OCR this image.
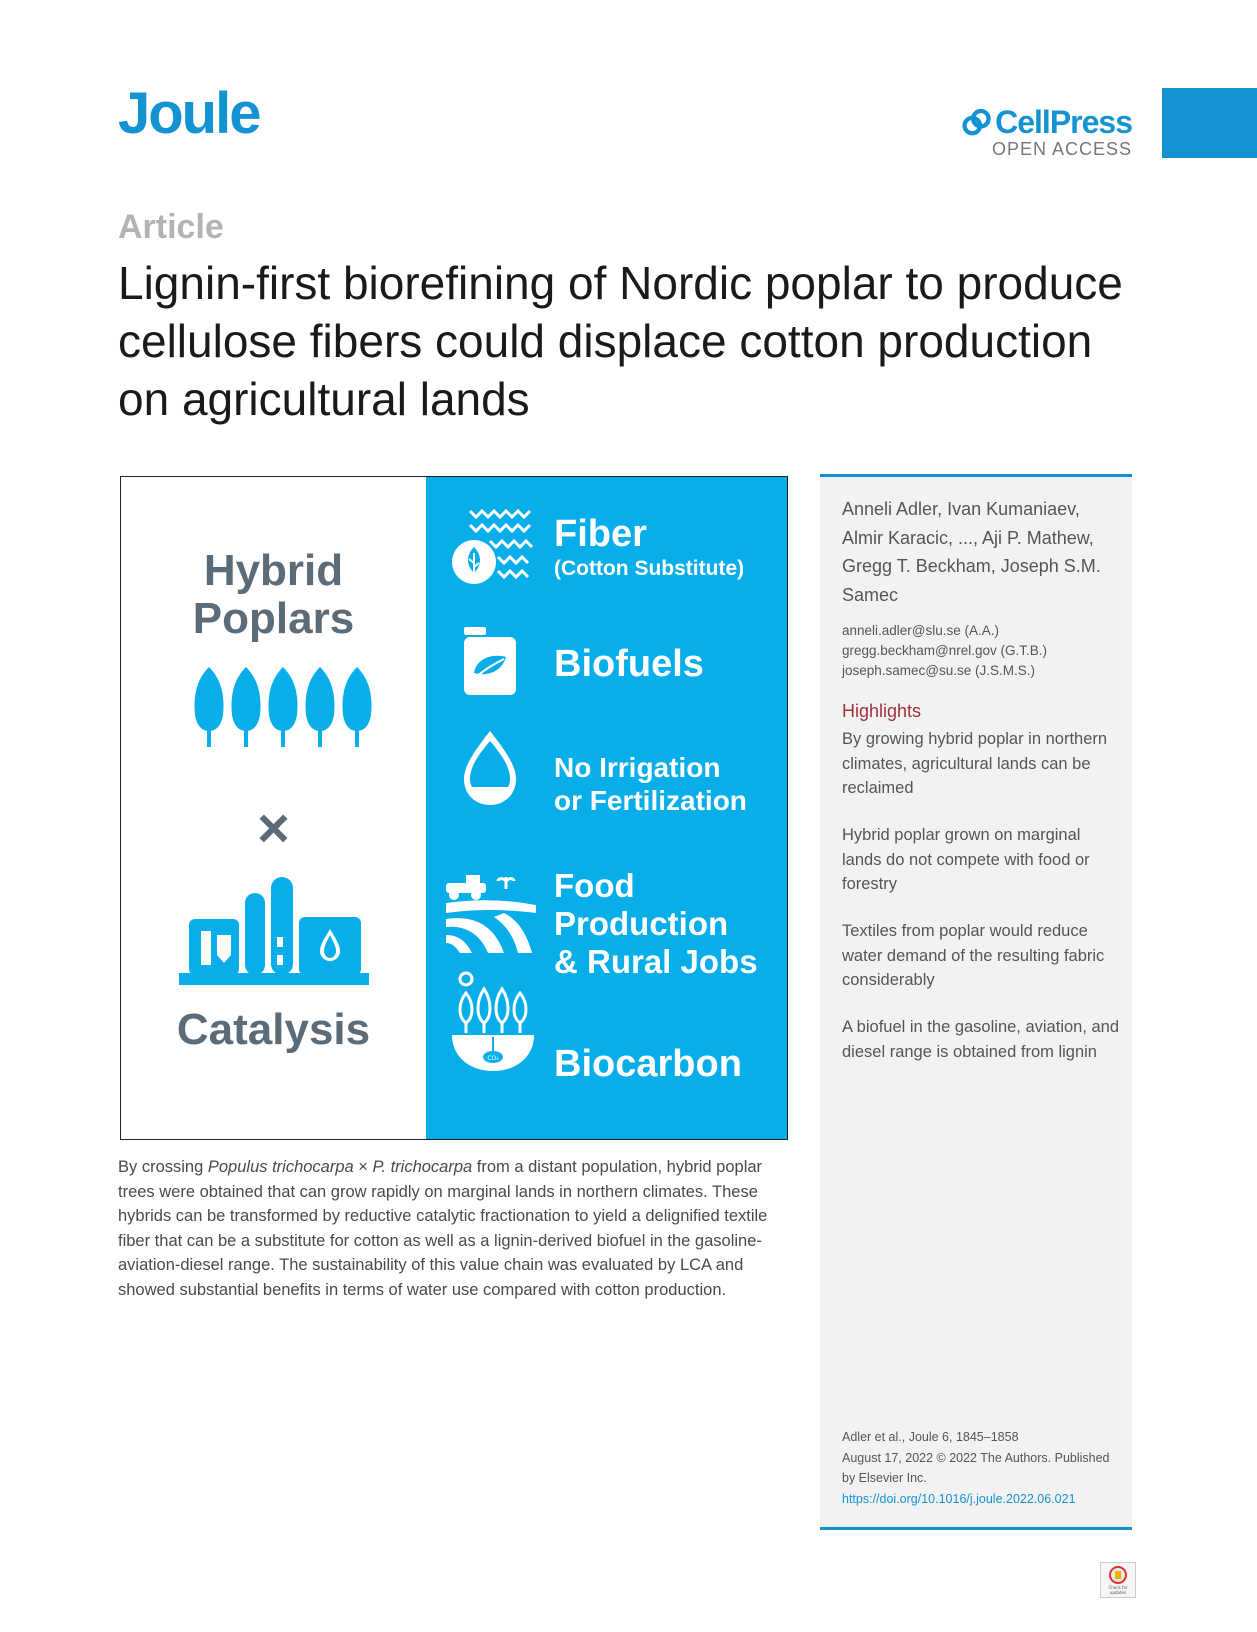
Joule	CellPress
OPEN ACCESS
Article
Lignin-first biorefining of Nordic poplar to produce cellulose fibers could displace cotton production on agricultural lands
Hybrid Poplars
×
Catalysis
Fiber
(Cotton Substitute)
Biofuels
No Irrigation
or Fertilization
Food
Production
& Rural Jobs
CO₂ Biocarbon
By crossing Populus trichocarpa × P. trichocarpa from a distant population, hybrid poplar trees were obtained that can grow rapidly on marginal lands in northern climates. These hybrids can be transformed by reductive catalytic fractionation to yield a delignified textile fiber that can be a substitute for cotton as well as a lignin-derived biofuel in the gasoline-aviation-diesel range. The sustainability of this value chain was evaluated by LCA and showed substantial benefits in terms of water use compared with cotton production.
Anneli Adler, Ivan Kumaniaev, Almir Karacic, ..., Aji P. Mathew, Gregg T. Beckham, Joseph S.M. Samec
anneli.adler@slu.se (A.A.)
gregg.beckham@nrel.gov (G.T.B.)
joseph.samec@su.se (J.S.M.S.)
Highlights
By growing hybrid poplar in northern climates, agricultural lands can be reclaimed
Hybrid poplar grown on marginal lands do not compete with food or forestry
Textiles from poplar would reduce water demand of the resulting fabric considerably
A biofuel in the gasoline, aviation, and diesel range is obtained from lignin
Adler et al., Joule 6, 1845–1858
August 17, 2022 © 2022 The Authors. Published
by Elsevier Inc.
https://doi.org/10.1016/j.joule.2022.06.021
Check for
updates
